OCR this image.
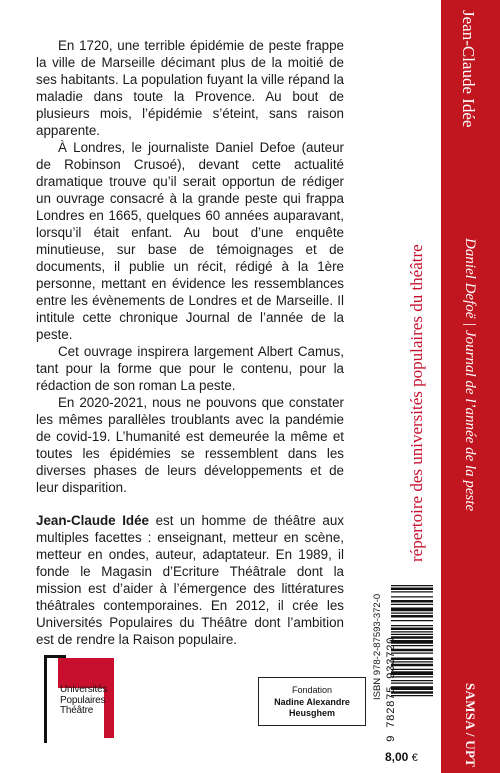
En 1720, une terrible épidémie de peste frappe la ville de Marseille décimant plus de la moitié de ses habitants. La population fuyant la ville répand la maladie dans toute la Provence. Au bout de plusieurs mois, l’épidémie s’éteint, sans raison apparente.

À Londres, le journaliste Daniel Defoe (auteur de Robinson Crusoé), devant cette actualité dramatique trouve qu’il serait opportun de rédiger un ouvrage consacré à la grande peste qui frappa Londres en 1665, quelques 60 années auparavant, lorsqu’il était enfant. Au bout d’une enquête minutieuse, sur base de témoignages et de documents, il publie un récit, rédigé à la 1ère personne, mettant en évidence les ressemblances entre les évènements de Londres et de Marseille. Il intitule cette chronique Journal de l’année de la peste.

Cet ouvrage inspirera largement Albert Camus, tant pour la forme que pour le contenu, pour la rédaction de son roman La peste.

En 2020-2021, nous ne pouvons que constater les mêmes parallèles troublants avec la pandémie de covid-19. L’humanité est demeurée la même et toutes les épidémies se ressemblent dans les diverses phases de leurs développements et de leur disparition.

Jean-Claude Idée est un homme de théâtre aux multiples facettes : enseignant, metteur en scène, metteur en ondes, auteur, adaptateur. En 1989, il fonde le Magasin d’Ecriture Théâtrale dont la mission est d’aider à l’émergence des littératures théâtrales contemporaines. En 2012, il crée les Universités Populaires du Théâtre dont l’ambition est de rendre la Raison populaire.

Universités
Populaires
Théâtre
Fondation
Nadine Alexandre
Heusghem
ISBN 978-2-87593-372-0 9 782875 933720
8,00 €
répertoire des universités populaires du théâtre
Jean-Claude Idée
Daniel Defoë | Journal de l’année de la peste
SAMSA / UPT
